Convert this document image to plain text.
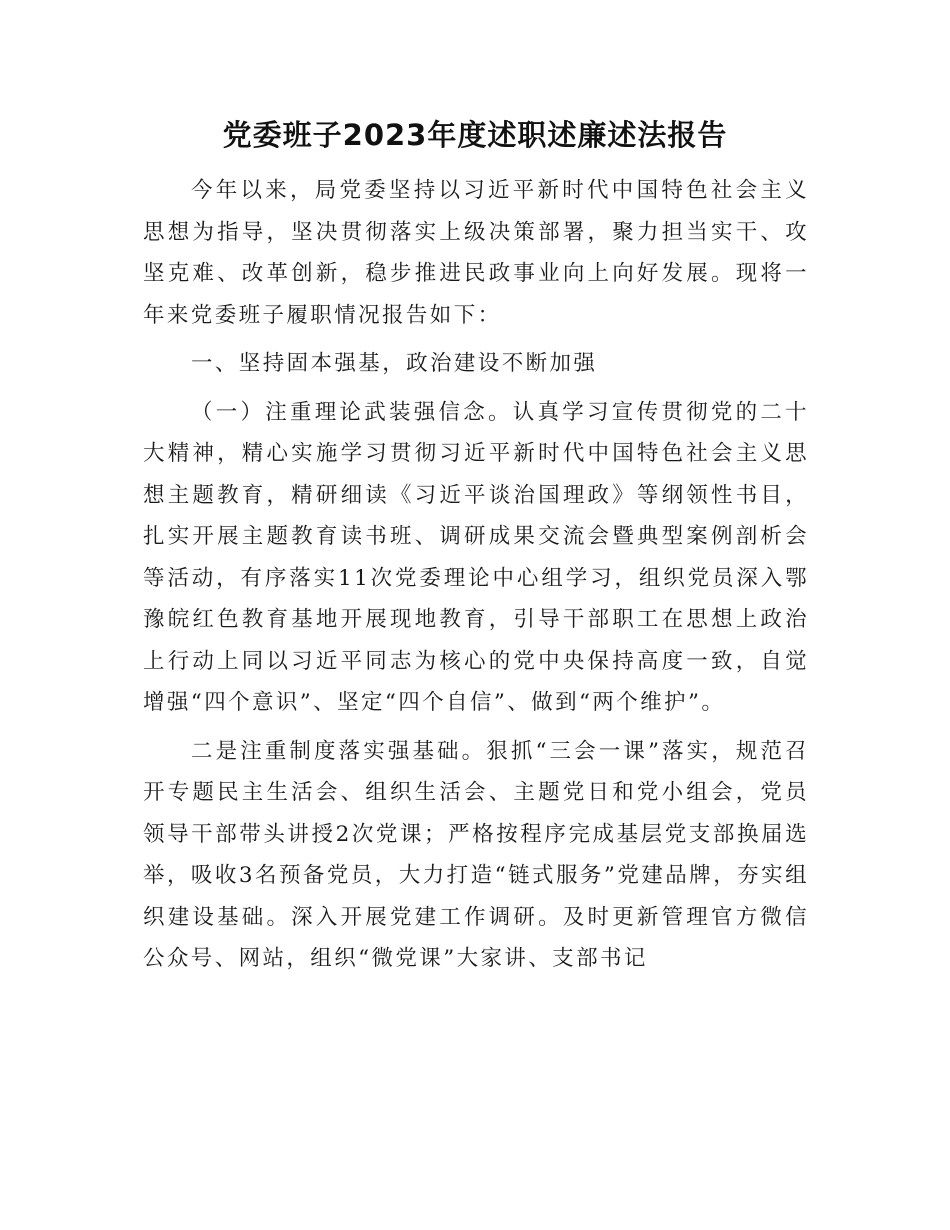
党委班子2023年度述职述廉述法报告

今年以来，局党委坚持以习近平新时代中国特色社会主义思想为指导，坚决贯彻落实上级决策部署，聚力担当实干、攻坚克难、改革创新，稳步推进民政事业向上向好发展。现将一年来党委班子履职情况报告如下：

一、坚持固本强基，政治建设不断加强

（一）注重理论武装强信念。认真学习宣传贯彻党的二十大精神，精心实施学习贯彻习近平新时代中国特色社会主义思想主题教育，精研细读《习近平谈治国理政》等纲领性书目，扎实开展主题教育读书班、调研成果交流会暨典型案例剖析会等活动，有序落实11次党委理论中心组学习，组织党员深入鄂豫皖红色教育基地开展现地教育，引导干部职工在思想上政治上行动上同以习近平同志为核心的党中央保持高度一致，自觉增强“四个意识”、坚定“四个自信”、做到“两个维护”。

二是注重制度落实强基础。狠抓“三会一课”落实，规范召开专题民主生活会、组织生活会、主题党日和党小组会，党员领导干部带头讲授2次党课；严格按程序完成基层党支部换届选举，吸收3名预备党员，大力打造“链式服务”党建品牌，夯实组织建设基础。深入开展党建工作调研。及时更新管理官方微信公众号、网站，组织“微党课”大家讲、支部书记
